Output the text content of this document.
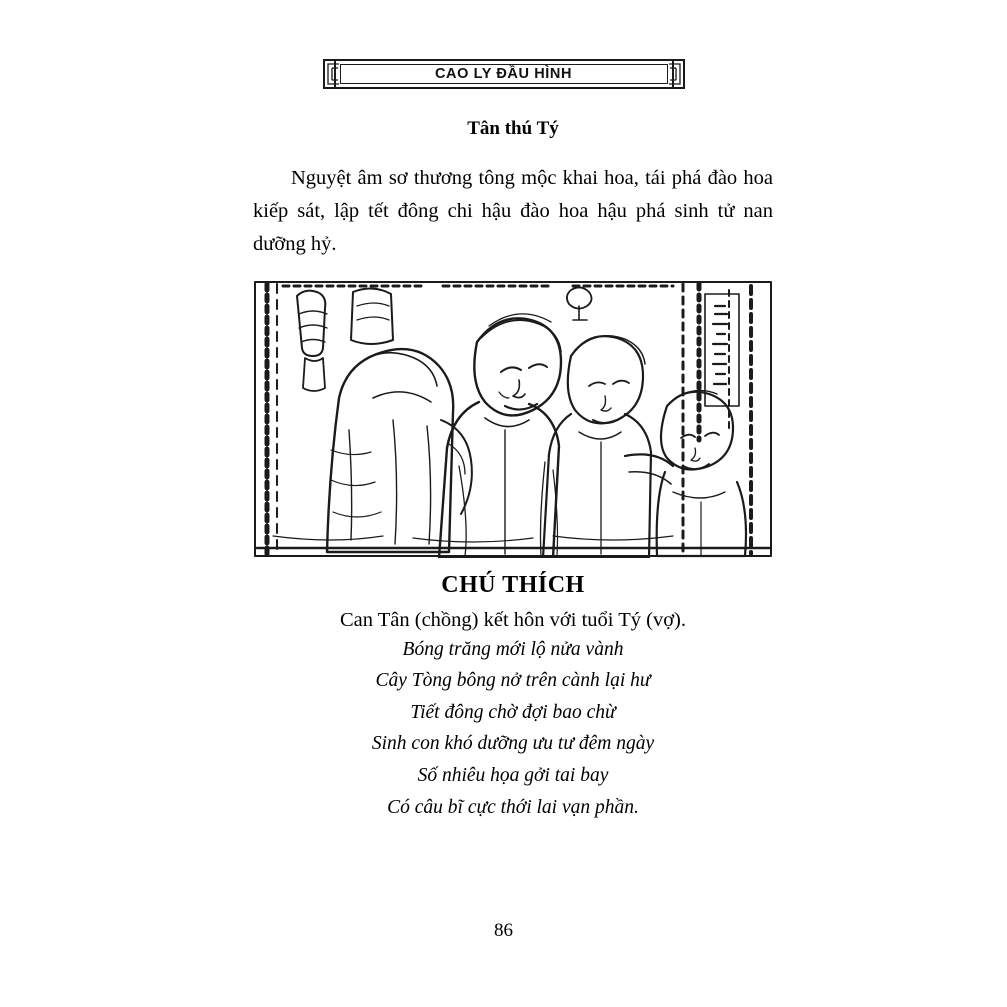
CAO LY ĐẦU HÌNH
Tân thú Tý

Nguyệt âm sơ thương tông mộc khai hoa, tái phá đào hoa kiếp sát, lập tết đông chi hậu đào hoa hậu phá sinh tử nan dưỡng hỷ.

CHÚ THÍCH

Can Tân (chồng) kết hôn với tuổi Tý (vợ).

Bóng trăng mới lộ nửa vành
Cây Tòng bông nở trên cành lại hư
Tiết đông chờ đợi bao chừ
Sinh con khó dưỡng ưu tư đêm ngày
Số nhiêu họa gởi tai bay
Có câu bĩ cực thới lai vạn phần.
86
